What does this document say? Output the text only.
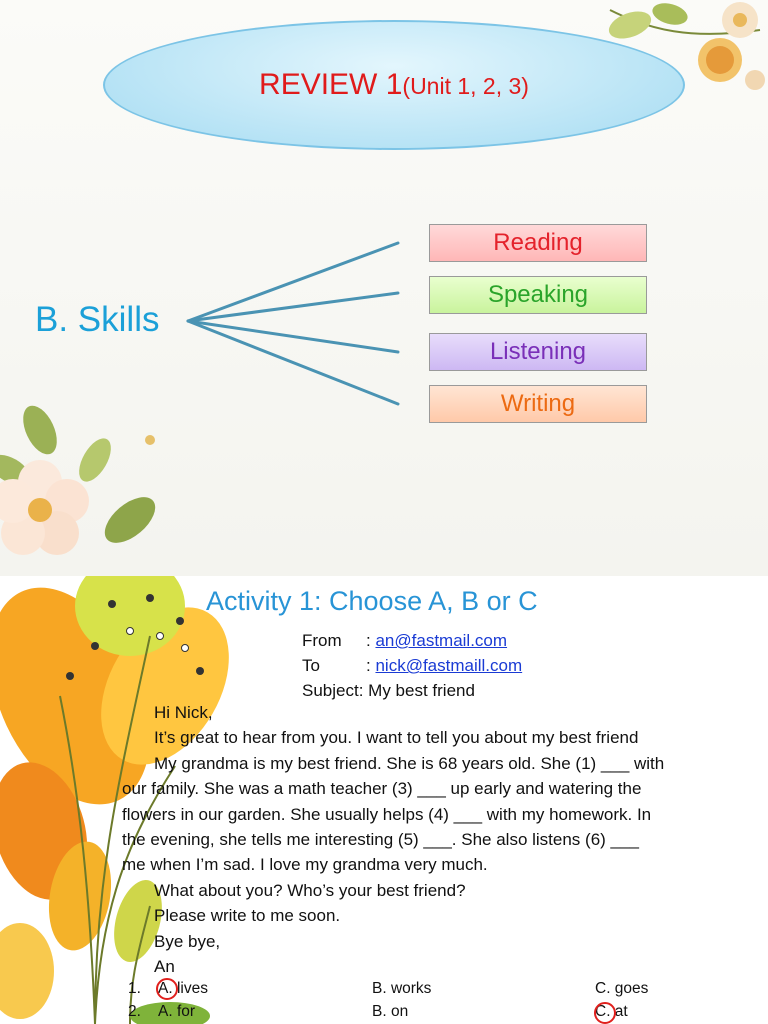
REVIEW 1(Unit 1, 2, 3)
B. Skills
Reading
Speaking
Listening
Writing
Activity 1: Choose A, B or C
From	:
an@fastmail.com
To	:
nick@fastmaill.com
Subject:
My best friend

Hi Nick,

It’s great to hear from you. I want to tell you about my best friend

My grandma is my best friend. She is 68 years old. She (1) ___ with

our family. She was a math teacher (3) ___ up early and watering the

flowers in our garden. She usually helps (4) ___ with my homework. In

the evening, she tells me interesting (5) ___. She also listens (6) ___

me when I’m sad. I love my grandma very much.

What about you? Who’s your best friend?

Please write to me soon.

Bye bye,

An

1. A. lives	B. works	C. goes
2. A. for	B. on	C. at
